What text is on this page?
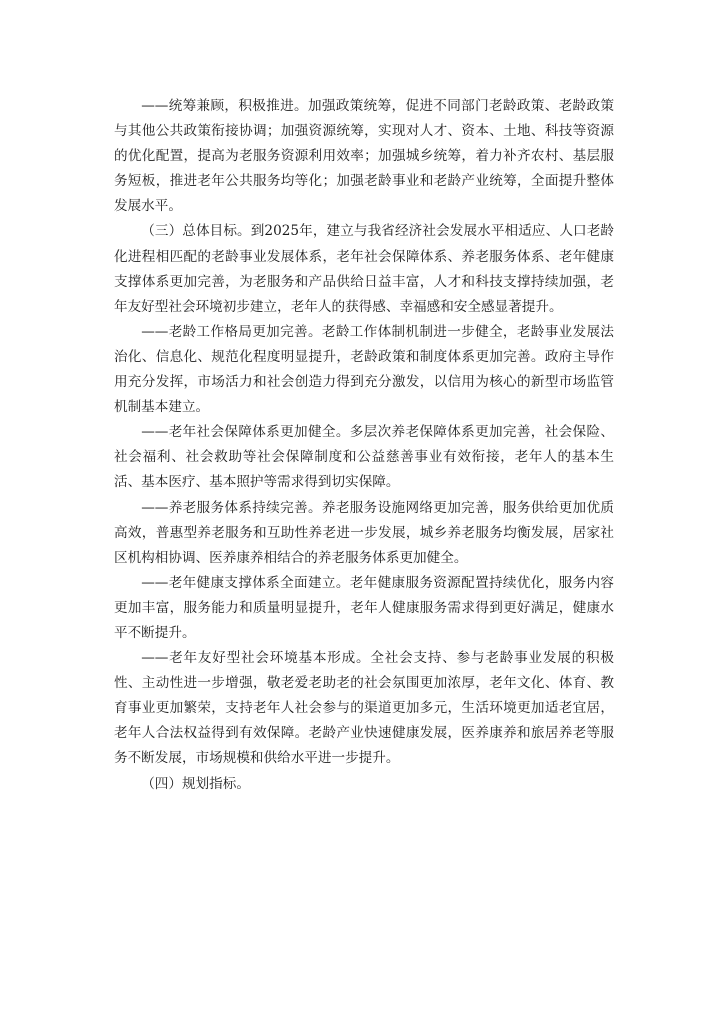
——统筹兼顾，积极推进。加强政策统筹，促进不同部门老龄政策、老龄政策与其他公共政策衔接协调；加强资源统筹，实现对人才、资本、土地、科技等资源的优化配置，提高为老服务资源利用效率；加强城乡统筹，着力补齐农村、基层服务短板，推进老年公共服务均等化；加强老龄事业和老龄产业统筹，全面提升整体发展水平。

（三）总体目标。到2025年，建立与我省经济社会发展水平相适应、人口老龄化进程相匹配的老龄事业发展体系，老年社会保障体系、养老服务体系、老年健康支撑体系更加完善，为老服务和产品供给日益丰富，人才和科技支撑持续加强，老年友好型社会环境初步建立，老年人的获得感、幸福感和安全感显著提升。

——老龄工作格局更加完善。老龄工作体制机制进一步健全，老龄事业发展法治化、信息化、规范化程度明显提升，老龄政策和制度体系更加完善。政府主导作用充分发挥，市场活力和社会创造力得到充分激发，以信用为核心的新型市场监管机制基本建立。

——老年社会保障体系更加健全。多层次养老保障体系更加完善，社会保险、社会福利、社会救助等社会保障制度和公益慈善事业有效衔接，老年人的基本生活、基本医疗、基本照护等需求得到切实保障。

——养老服务体系持续完善。养老服务设施网络更加完善，服务供给更加优质高效，普惠型养老服务和互助性养老进一步发展，城乡养老服务均衡发展，居家社区机构相协调、医养康养相结合的养老服务体系更加健全。

——老年健康支撑体系全面建立。老年健康服务资源配置持续优化，服务内容更加丰富，服务能力和质量明显提升，老年人健康服务需求得到更好满足，健康水平不断提升。

——老年友好型社会环境基本形成。全社会支持、参与老龄事业发展的积极性、主动性进一步增强，敬老爱老助老的社会氛围更加浓厚，老年文化、体育、教育事业更加繁荣，支持老年人社会参与的渠道更加多元，生活环境更加适老宜居，老年人合法权益得到有效保障。老龄产业快速健康发展，医养康养和旅居养老等服务不断发展，市场规模和供给水平进一步提升。

（四）规划指标。
